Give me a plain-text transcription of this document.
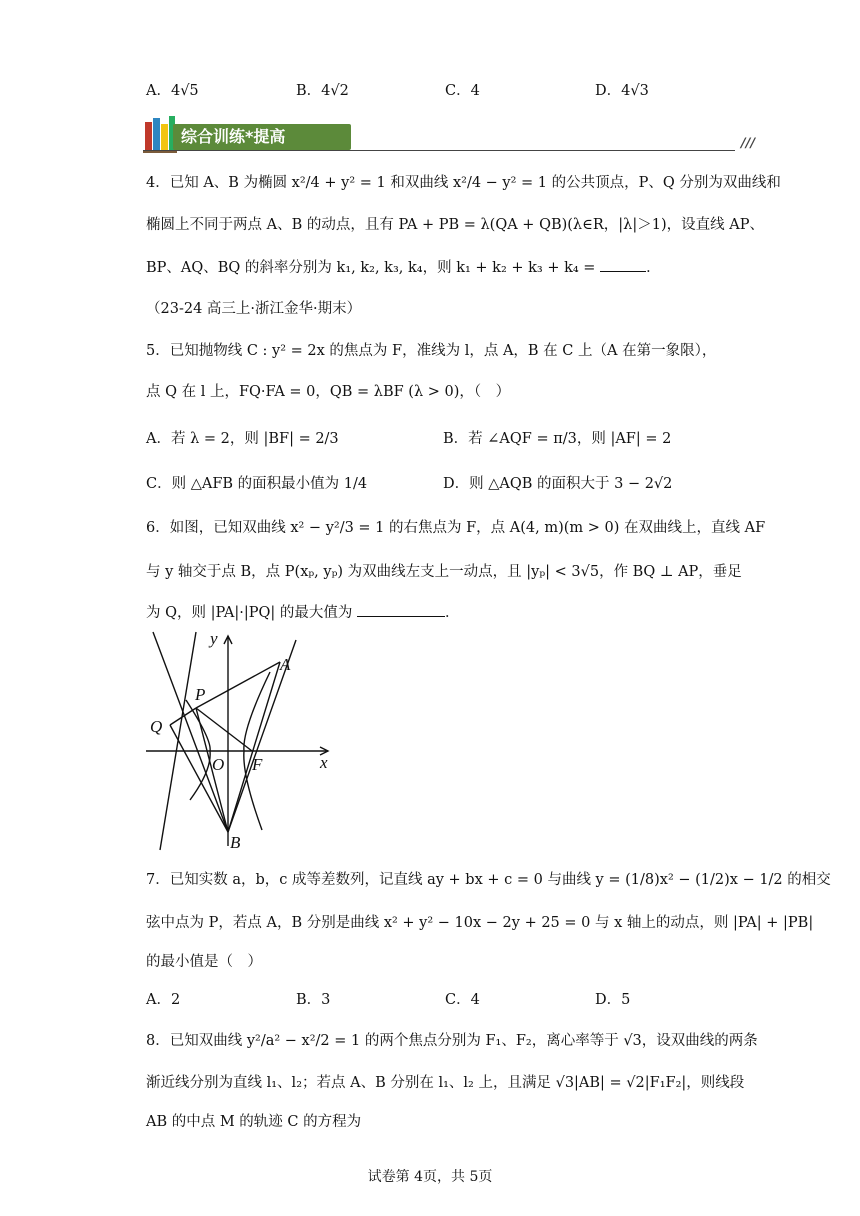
A．4√5	B．4√2	C．4	D．4√3
综合训练*提高	///
4．已知 A、B 为椭圆 x²/4 + y² = 1 和双曲线 x²/4 − y² = 1 的公共顶点，P、Q 分别为双曲线和
椭圆上不同于两点 A、B 的动点，且有 PA + PB = λ(QA + QB)(λ∈R，|λ|＞1)，设直线 AP、
BP、AQ、BQ 的斜率分别为 k₁, k₂, k₃, k₄，则 k₁ + k₂ + k₃ + k₄ =	．
（23-24 高三上·浙江金华·期末）
5．已知抛物线 C : y² = 2x 的焦点为 F，准线为 l，点 A，B 在 C 上（A 在第一象限），
点 Q 在 l 上，FQ·FA = 0，QB = λBF (λ > 0)，（　）
A．若 λ = 2，则 |BF| = 2/3	B．若 ∠AQF = π/3，则 |AF| = 2
C．则 △AFB 的面积最小值为 1/4	D．则 △AQB 的面积大于 3 − 2√2
6．如图，已知双曲线 x² − y²/3 = 1 的右焦点为 F，点 A(4, m)(m > 0) 在双曲线上，直线 AF
与 y 轴交于点 B，点 P(xₚ, yₚ) 为双曲线左支上一动点，且 |yₚ| < 3√5，作 BQ ⊥ AP，垂足
为 Q，则 |PA|·|PQ| 的最大值为	．
y
A
P
Q
O F	x
B
7．已知实数 a，b，c 成等差数列，记直线 ay + bx + c = 0 与曲线 y = (1/8)x² − (1/2)x − 1/2 的相交
弦中点为 P，若点 A，B 分别是曲线 x² + y² − 10x − 2y + 25 = 0 与 x 轴上的动点，则 |PA| + |PB|
的最小值是（　）
A．2	B．3	C．4	D．5
8．已知双曲线 y²/a² − x²/2 = 1 的两个焦点分别为 F₁、F₂，离心率等于 √3，设双曲线的两条
渐近线分别为直线 l₁、l₂；若点 A、B 分别在 l₁、l₂ 上，且满足 √3|AB| = √2|F₁F₂|，则线段
AB 的中点 M 的轨迹 C 的方程为
试卷第 4页，共 5页
